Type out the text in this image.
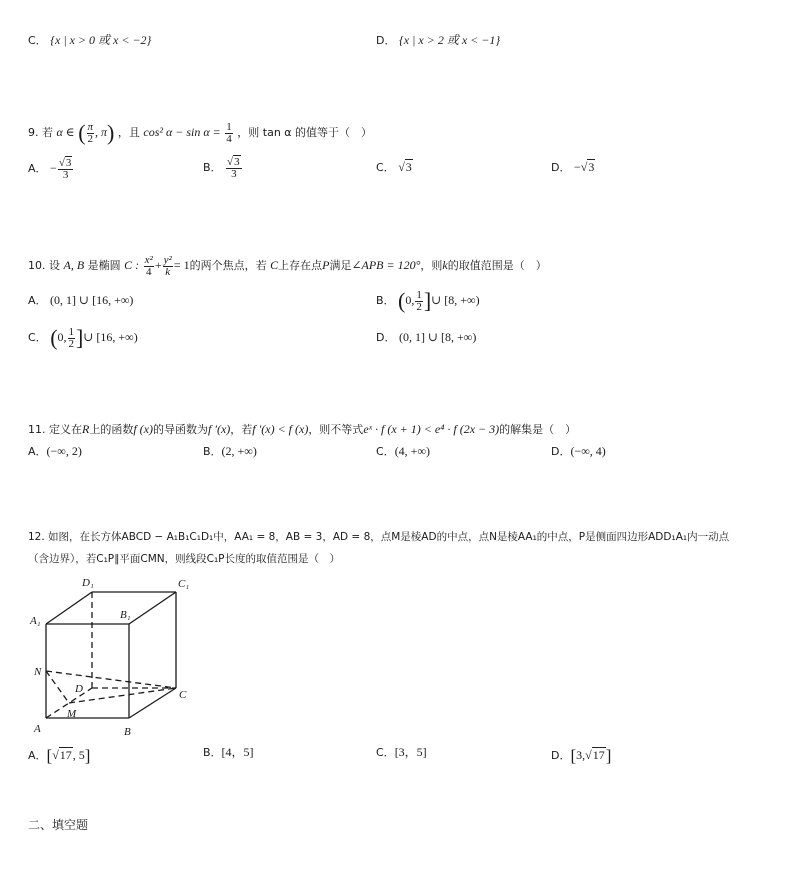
C． {x | x > 0 或 x < −2}	D． {x | x > 2 或 x < −1}
9. 若 α ∈ ( $\frac{\pi}{2}$ , π) ，且 cos² $\alpha - \sin \alpha = \frac{1}{4}$ ，则 tan α 的值等于（　）
A． − $\frac{√3}{3}$	B． $\frac{√3}{3}$	C． √3	D． −√3
10. 设 A, B 是椭圆 C : $\frac{\text{x²}}{4} + \frac{\text{y²}}{k} = 1$的两个焦点，若 C上存在点P满足∠APB = 120°，则k的取值范围是（　）
A． (0, 1] ∪ [16, +∞)	B． (0, $\frac{1}{2}$ ]∪ [8, +∞)
C． (0, $\frac{1}{2}$ ]∪ [16, +∞)	D． (0, 1] ∪ [8, +∞)
11. 定义在R上的函数f (x)的导函数为f ′(x)，若f ′(x) < f (x)，则不等式eˣ · f (x + 1) < e⁴ · f (2x − 3)的解集是（　）
A．(−∞, 2)	B．(2, +∞)	C．(4, +∞)	D．(−∞, 4)
12. 如图，在长方体ABCD − A₁B₁C₁D₁中，AA₁ = 8，AB = 3，AD = 8，点M是棱AD的中点，点N是棱AA₁的中点，P是侧面四边形ADD₁A₁内一动点
（含边界），若C₁P∥平面CMN，则线段C₁P长度的取值范围是（　）
D₁	C₁
A₁	B₁
N
D	C
M
A	B
A．[√17, 5]	B．[4，5]	C．[3，5]	D．[3,√17]
二、填空题
